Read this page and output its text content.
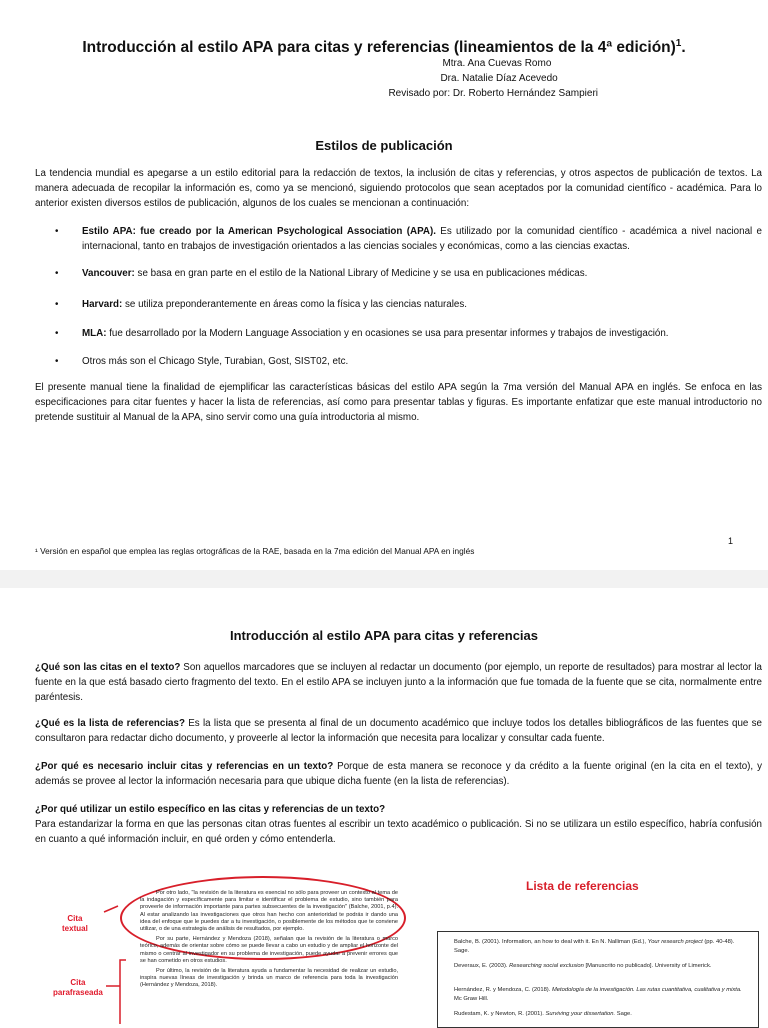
Introducción al estilo APA para citas y referencias (lineamientos de la 4ª edición)$^1$.
Mtra. Ana Cuevas Romo
Dra. Natalie Díaz Acevedo
Revisado por: Dr. Roberto Hernández Sampieri
Estilos de publicación

La tendencia mundial es apegarse a un estilo editorial para la redacción de textos, la inclusión de citas y referencias, y otros aspectos de publicación de textos. La manera adecuada de recopilar la información es, como ya se mencionó, siguiendo protocolos que sean aceptados por la comunidad científico - académica. Para lo anterior existen diversos estilos de publicación, algunos de los cuales se mencionan a continuación:

• Estilo APA: fue creado por la American Psychological Association (APA). Es utilizado por la comunidad científico - académica a nivel nacional e internacional, tanto en trabajos de investigación orientados a las ciencias sociales y económicas, como a las ciencias exactas.
• Vancouver: se basa en gran parte en el estilo de la National Library of Medicine y se usa en publicaciones médicas.
• Harvard: se utiliza preponderantemente en áreas como la física y las ciencias naturales.
• MLA: fue desarrollado por la Modern Language Association y en ocasiones se usa para presentar informes y trabajos de investigación.
• Otros más son el Chicago Style, Turabian, Gost, SIST02, etc.

El presente manual tiene la finalidad de ejemplificar las características básicas del estilo APA según la 7ma versión del Manual APA en inglés. Se enfoca en las especificaciones para citar fuentes y hacer la lista de referencias, así como para presentar tablas y figuras. Es importante enfatizar que este manual introductorio no pretende sustituir al Manual de la APA, sino servir como una guía introductoria al mismo.

1
¹ Versión en español que emplea las reglas ortográficas de la RAE, basada en la 7ma edición del Manual APA en inglés
Introducción al estilo APA para citas y referencias

¿Qué son las citas en el texto? Son aquellos marcadores que se incluyen al redactar un documento (por ejemplo, un reporte de resultados) para mostrar al lector la fuente en la que está basado cierto fragmento del texto. En el estilo APA se incluyen junto a la información que fue tomada de la fuente que se cita, normalmente entre paréntesis.

¿Qué es la lista de referencias? Es la lista que se presenta al final de un documento académico que incluye todos los detalles bibliográficos de las fuentes que se consultaron para redactar dicho documento, y proveerle al lector la información que necesita para localizar y consultar cada fuente.

¿Por qué es necesario incluir citas y referencias en un texto? Porque de esta manera se reconoce y da crédito a la fuente original (en la cita en el texto), y además se provee al lector la información necesaria para que ubique dicha fuente (en la lista de referencias).

¿Por qué utilizar un estilo específico en las citas y referencias de un texto?
Para estandarizar la forma en que las personas citan otras fuentes al escribir un texto académico o publicación. Si no se utilizara un estilo específico, habría confusión en cuanto a qué información incluir, en qué orden y cómo entenderla.

Cita
textual
Cita
parafraseada

Por otro lado, "la revisión de la literatura es esencial no sólo para proveer un contexto al tema de la indagación y específicamente para limitar e identificar el problema de estudio, sino también para proveerle de información importante para partes subsecuentes de la investigación" (Balche, 2001, p.4). Al estar analizando las investigaciones que otros han hecho con anterioridad te podrás ir dando una idea del enfoque que le puedes dar a tu investigación, o posiblemente de los métodos que te conviene utilizar, o de una estrategia de análisis de resultados, por ejemplo.

Por su parte, Hernández y Mendoza (2018), señalan que la revisión de la literatura o marco teórico, además de orientar sobre cómo se puede llevar a cabo un estudio y de ampliar el horizonte del mismo o centrar al investigador en su problema de investigación, puede ayudar a prevenir errores que se han cometido en otros estudios.

Por último, la revisión de la literatura ayuda a fundamentar la necesidad de realizar un estudio, inspira nuevas líneas de investigación y brinda un marco de referencia para toda la investigación (Hernández y Mendoza, 2018).

Lista de referencias
Balche, B. (2001). Information, an how to deal with it. En N. Nalliman (Ed.), Your research project (pp. 40-48). Sage.
Deveraux, E. (2003). Researching social exclusion [Manuscrito no publicado]. University of Limerick.
Hernández, R. y Mendoza, C. (2018). Metodología de la investigación. Las rutas cuantitativa, cualitativa y mixta. Mc Graw Hill.
Rudestam, K. y Newton, R. (2001). Surviving your dissertation. Sage.
